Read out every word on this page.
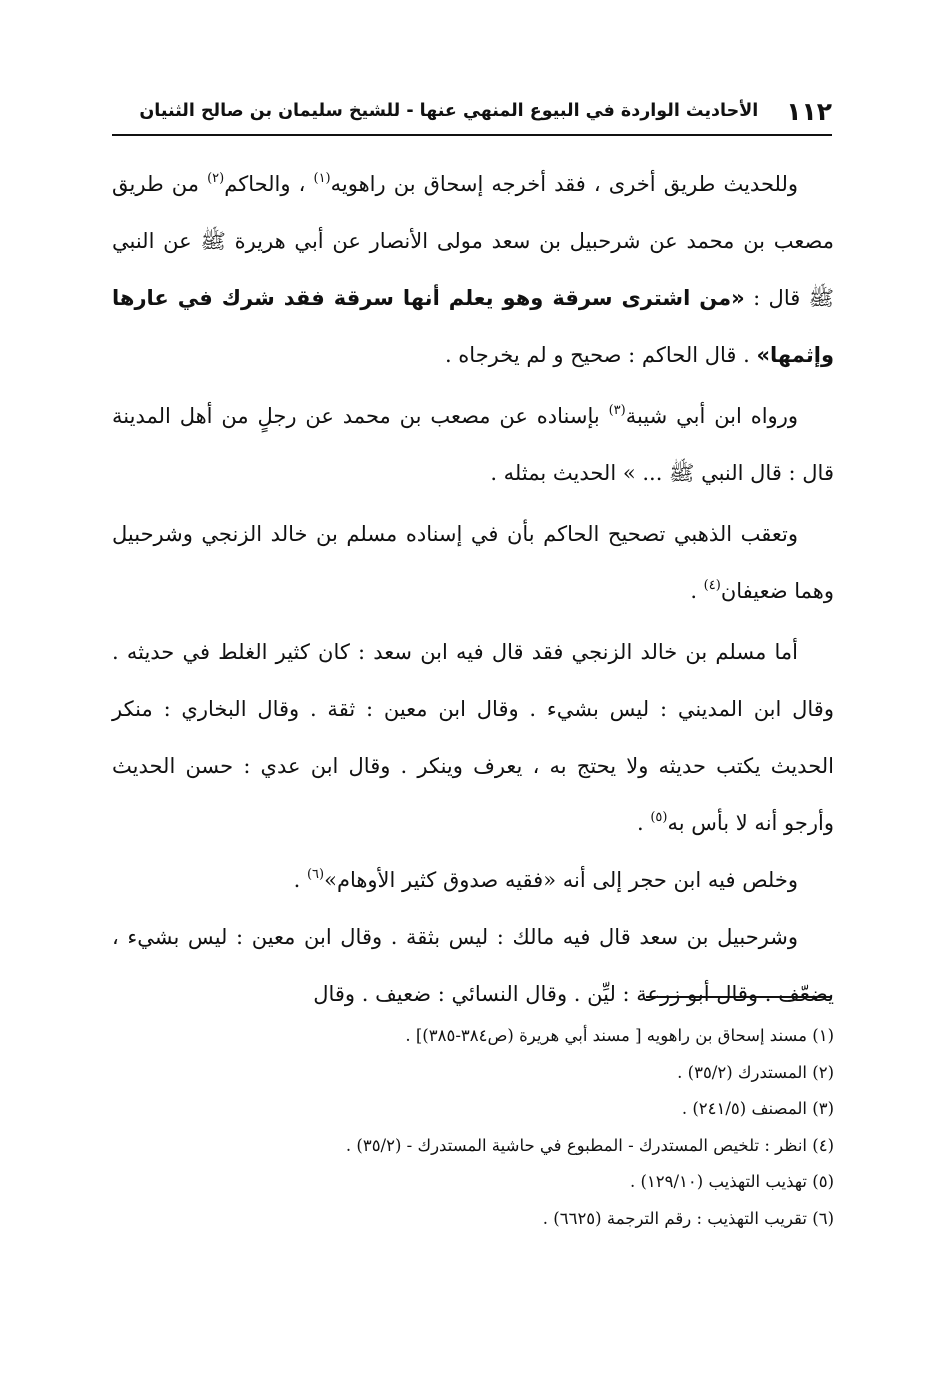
١١٢
الأحاديث الواردة في البيوع المنهي عنها - للشيخ سليمان بن صالح الثنيان

وللحديث طريق أخرى ، فقد أخرجه إسحاق بن راهويه$^{(١)}$ ، والحاكم$^{(٢)}$ من طريق مصعب بن محمد عن شرحبيل بن سعد مولى الأنصار عن أبي هريرة ﷺ عن النبي ﷺ قال : «من اشترى سرقة وهو يعلم أنها سرقة فقد شرك في عارها وإثمها» . قال الحاكم : صحيح و لم يخرجاه .

ورواه ابن أبي شيبة$^{(٣)}$ بإسناده عن مصعب بن محمد عن رجلٍ من أهل المدينة قال : قال النبي ﷺ ... » الحديث بمثله .

وتعقب الذهبي تصحيح الحاكم بأن في إسناده مسلم بن خالد الزنجي وشرحبيل وهما ضعيفان$^{(٤)}$ .

أما مسلم بن خالد الزنجي فقد قال فيه ابن سعد : كان كثير الغلط في حديثه . وقال ابن المديني : ليس بشيء . وقال ابن معين : ثقة . وقال البخاري : منكر الحديث يكتب حديثه ولا يحتج به ، يعرف وينكر . وقال ابن عدي : حسن الحديث وأرجو أنه لا بأس به$^{(٥)}$ .

وخلص فيه ابن حجر إلى أنه «فقيه صدوق كثير الأوهام»$^{(٦)}$ .

وشرحبيل بن سعد قال فيه مالك : ليس بثقة . وقال ابن معين : ليس بشيء ، يضعّف . وقال أبو زرعة : ليِّن . وقال النسائي : ضعيف . وقال

(١) مسند إسحاق بن راهويه [ مسند أبي هريرة (ص٣٨٤-٣٨٥)] .

(٢) المستدرك (٣٥/٢) .

(٣) المصنف (٢٤١/٥) .

(٤) انظر : تلخيص المستدرك - المطبوع في حاشية المستدرك - (٣٥/٢) .

(٥) تهذيب التهذيب (١٢٩/١٠) .

(٦) تقريب التهذيب : رقم الترجمة (٦٦٢٥) .
